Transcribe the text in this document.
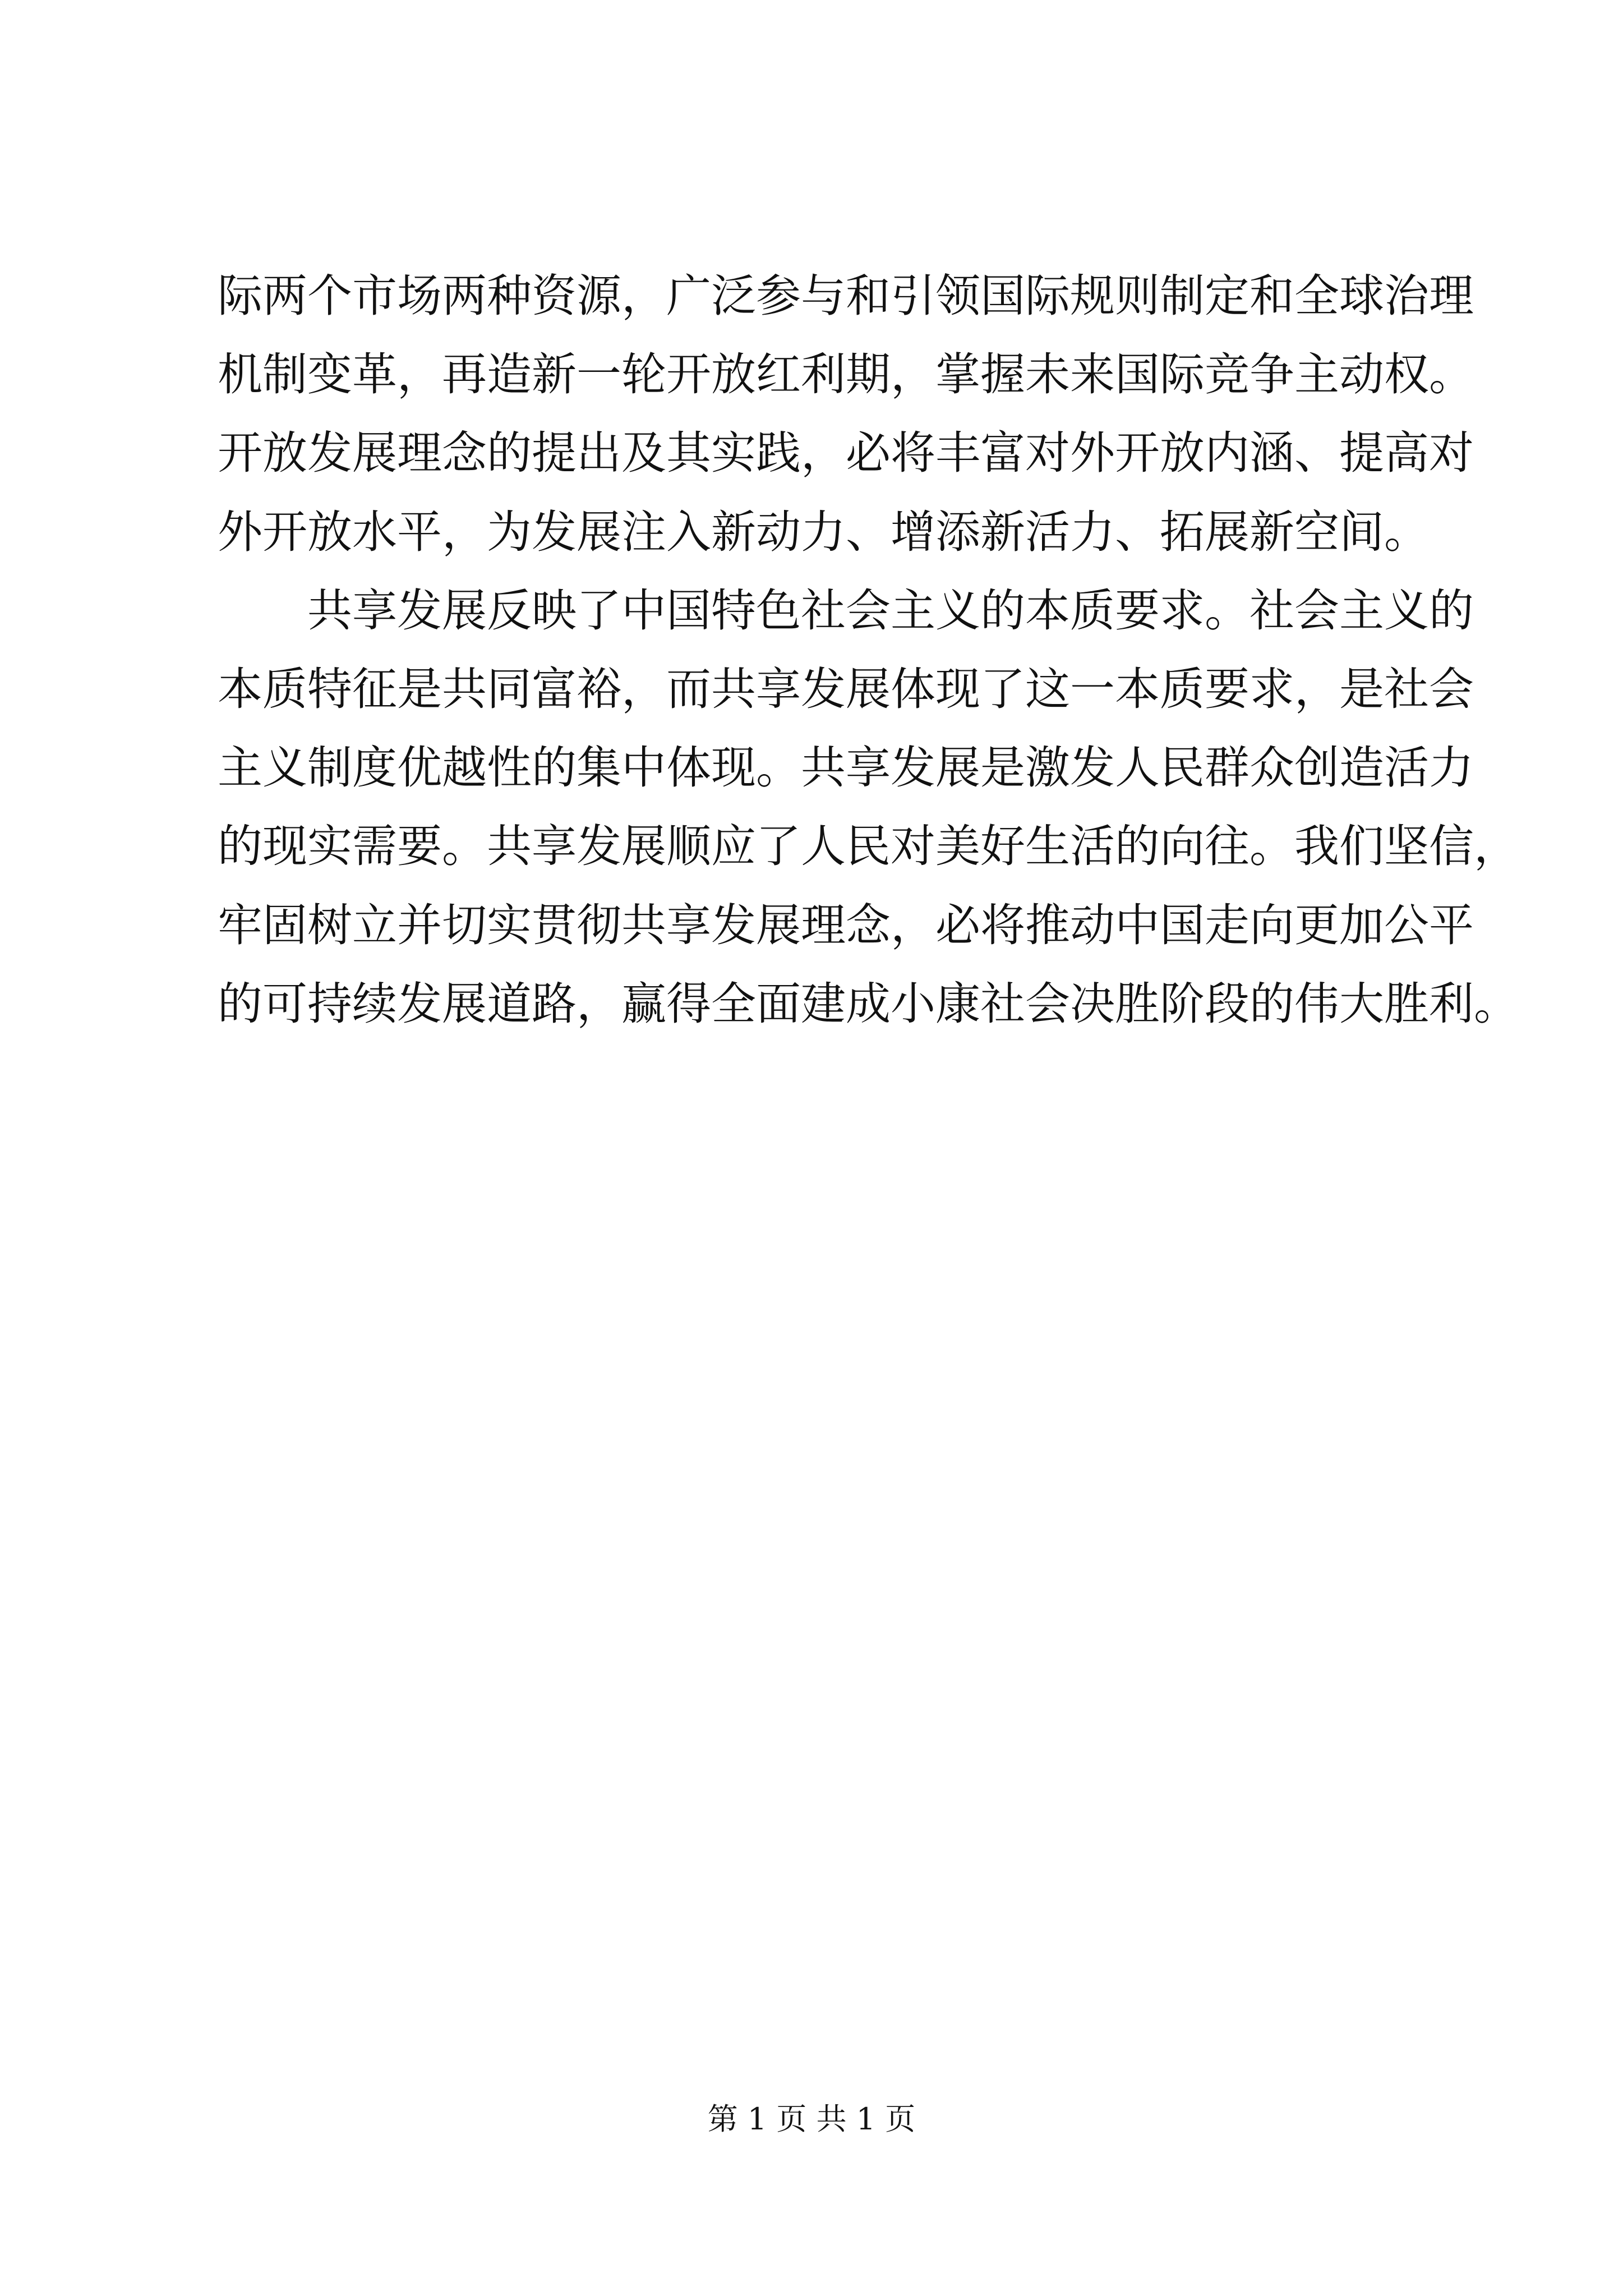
际两个市场两种资源，广泛参与和引领国际规则制定和全球治理
机制变革，再造新一轮开放红利期，掌握未来国际竞争主动权。
开放发展理念的提出及其实践，必将丰富对外开放内涵、提高对
外开放水平，为发展注入新动力、增添新活力、拓展新空间。
共享发展反映了中国特色社会主义的本质要求。社会主义的
本质特征是共同富裕，而共享发展体现了这一本质要求，是社会
主义制度优越性的集中体现。共享发展是激发人民群众创造活力
的现实需要。共享发展顺应了人民对美好生活的向往。我们坚信，
牢固树立并切实贯彻共享发展理念，必将推动中国走向更加公平
的可持续发展道路，赢得全面建成小康社会决胜阶段的伟大胜利。
第 1 页 共 1 页
